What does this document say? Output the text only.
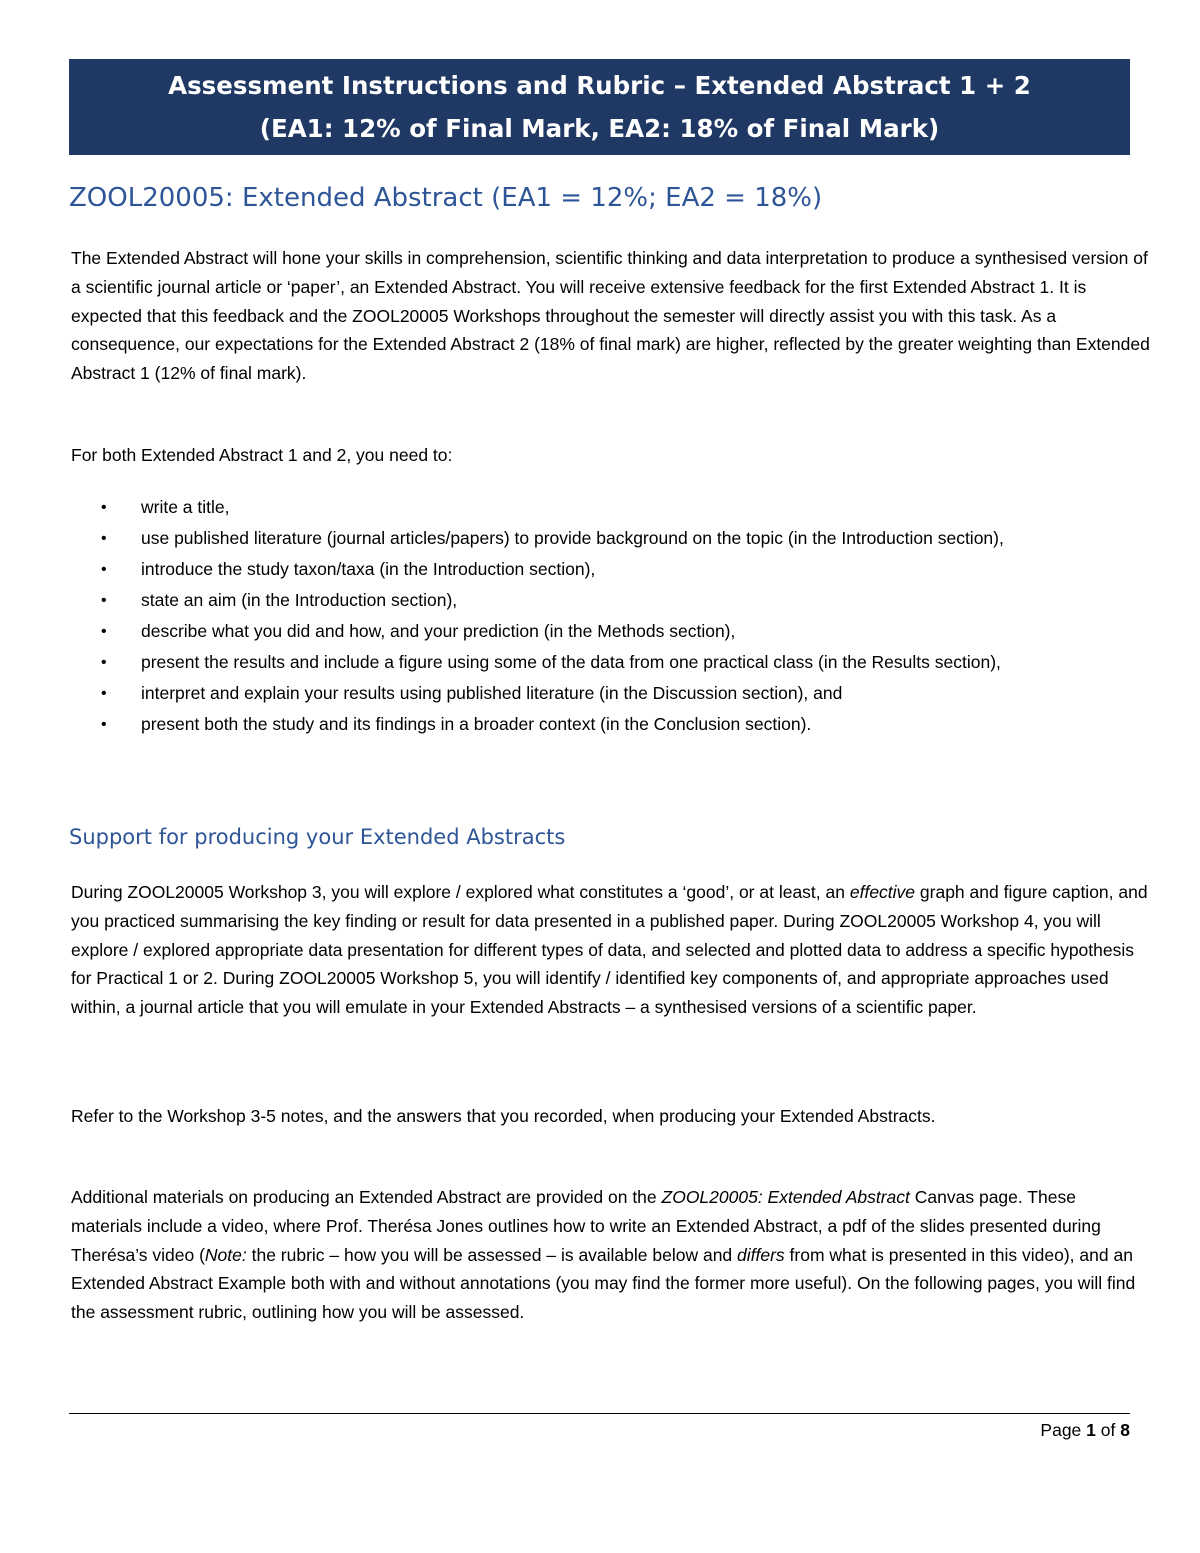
Assessment Instructions and Rubric – Extended Abstract 1 + 2
(EA1: 12% of Final Mark, EA2: 18% of Final Mark)
ZOOL20005: Extended Abstract (EA1 = 12%; EA2 = 18%)

The Extended Abstract will hone your skills in comprehension, scientific thinking and data interpretation to produce a synthesised version of a scientific journal article or ‘paper’, an Extended Abstract. You will receive extensive feedback for the first Extended Abstract 1. It is expected that this feedback and the ZOOL20005 Workshops throughout the semester will directly assist you with this task. As a consequence, our expectations for the Extended Abstract 2 (18% of final mark) are higher, reflected by the greater weighting than Extended Abstract 1 (12% of final mark).

For both Extended Abstract 1 and 2, you need to:

• write a title,
• use published literature (journal articles/papers) to provide background on the topic (in the Introduction section),
• introduce the study taxon/taxa (in the Introduction section),
• state an aim (in the Introduction section),
• describe what you did and how, and your prediction (in the Methods section),
• present the results and include a figure using some of the data from one practical class (in the Results section),
• interpret and explain your results using published literature (in the Discussion section), and
• present both the study and its findings in a broader context (in the Conclusion section).
Support for producing your Extended Abstracts

During ZOOL20005 Workshop 3, you will explore / explored what constitutes a ‘good’, or at least, an effective graph and figure caption, and you practiced summarising the key finding or result for data presented in a published paper. During ZOOL20005 Workshop 4, you will explore / explored appropriate data presentation for different types of data, and selected and plotted data to address a specific hypothesis for Practical 1 or 2. During ZOOL20005 Workshop 5, you will identify / identified key components of, and appropriate approaches used within, a journal article that you will emulate in your Extended Abstracts – a synthesised versions of a scientific paper.

Refer to the Workshop 3-5 notes, and the answers that you recorded, when producing your Extended Abstracts.

Additional materials on producing an Extended Abstract are provided on the ZOOL20005: Extended Abstract Canvas page. These materials include a video, where Prof. Therésa Jones outlines how to write an Extended Abstract, a pdf of the slides presented during Therésa’s video (Note: the rubric – how you will be assessed – is available below and differs from what is presented in this video), and an Extended Abstract Example both with and without annotations (you may find the former more useful). On the following pages, you will find the assessment rubric, outlining how you will be assessed.

Page 1 of 8
